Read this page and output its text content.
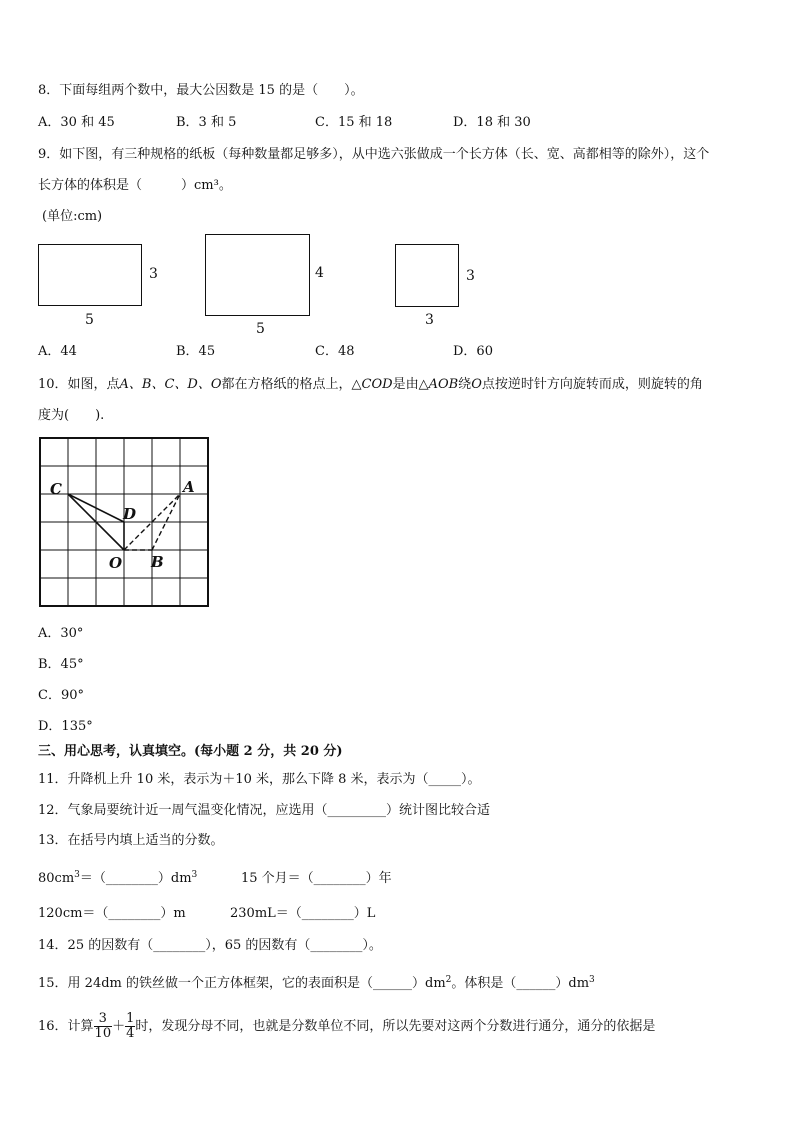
8．下面每组两个数中，最大公因数是 15 的是（　　）。
A．30 和 45	B．3 和 5	C．15 和 18	D．18 和 30
9．如下图，有三种规格的纸板（每种数量都足够多），从中选六张做成一个长方体（长、宽、高都相等的除外），这个
长方体的体积是（　　　）cm³。
(单位:cm)
3
5
4
5
3
3
A．44	B．45	C．48	D．60
10．如图，点A、B、C、D、O都在方格纸的格点上，△COD是由△AOB绕O点按逆时针方向旋转而成，则旋转的角
度为(　　).
C	A
D
O B
A．30°
B．45°
C．90°
D．135°
三、用心思考，认真填空。(每小题 2 分，共 20 分)
11．升降机上升 10 米，表示为＋10 米，那么下降 8 米，表示为（_____）。
12．气象局要统计近一周气温变化情况，应选用（_________）统计图比较合适
13．在括号内填上适当的分数。
$80cm^3=(\_\_\_\_\_\_\_\_)dm^3$	15 个月＝（________）年
120cm＝（________）m	230mL＝（________）L
14．25 的因数有（________），65 的因数有（________）。
15．用 24dm 的铁丝做一个正方体框架，它的表面积是$(\_\_\_\_\_\_)dm^2$。体积是$(\_\_\_\_\_\_)dm^3$
16．计算 $\frac{3}{10} + \frac{1}{4}$ 时，发现分母不同，也就是分数单位不同，所以先要对这两个分数进行通分，通分的依据是
